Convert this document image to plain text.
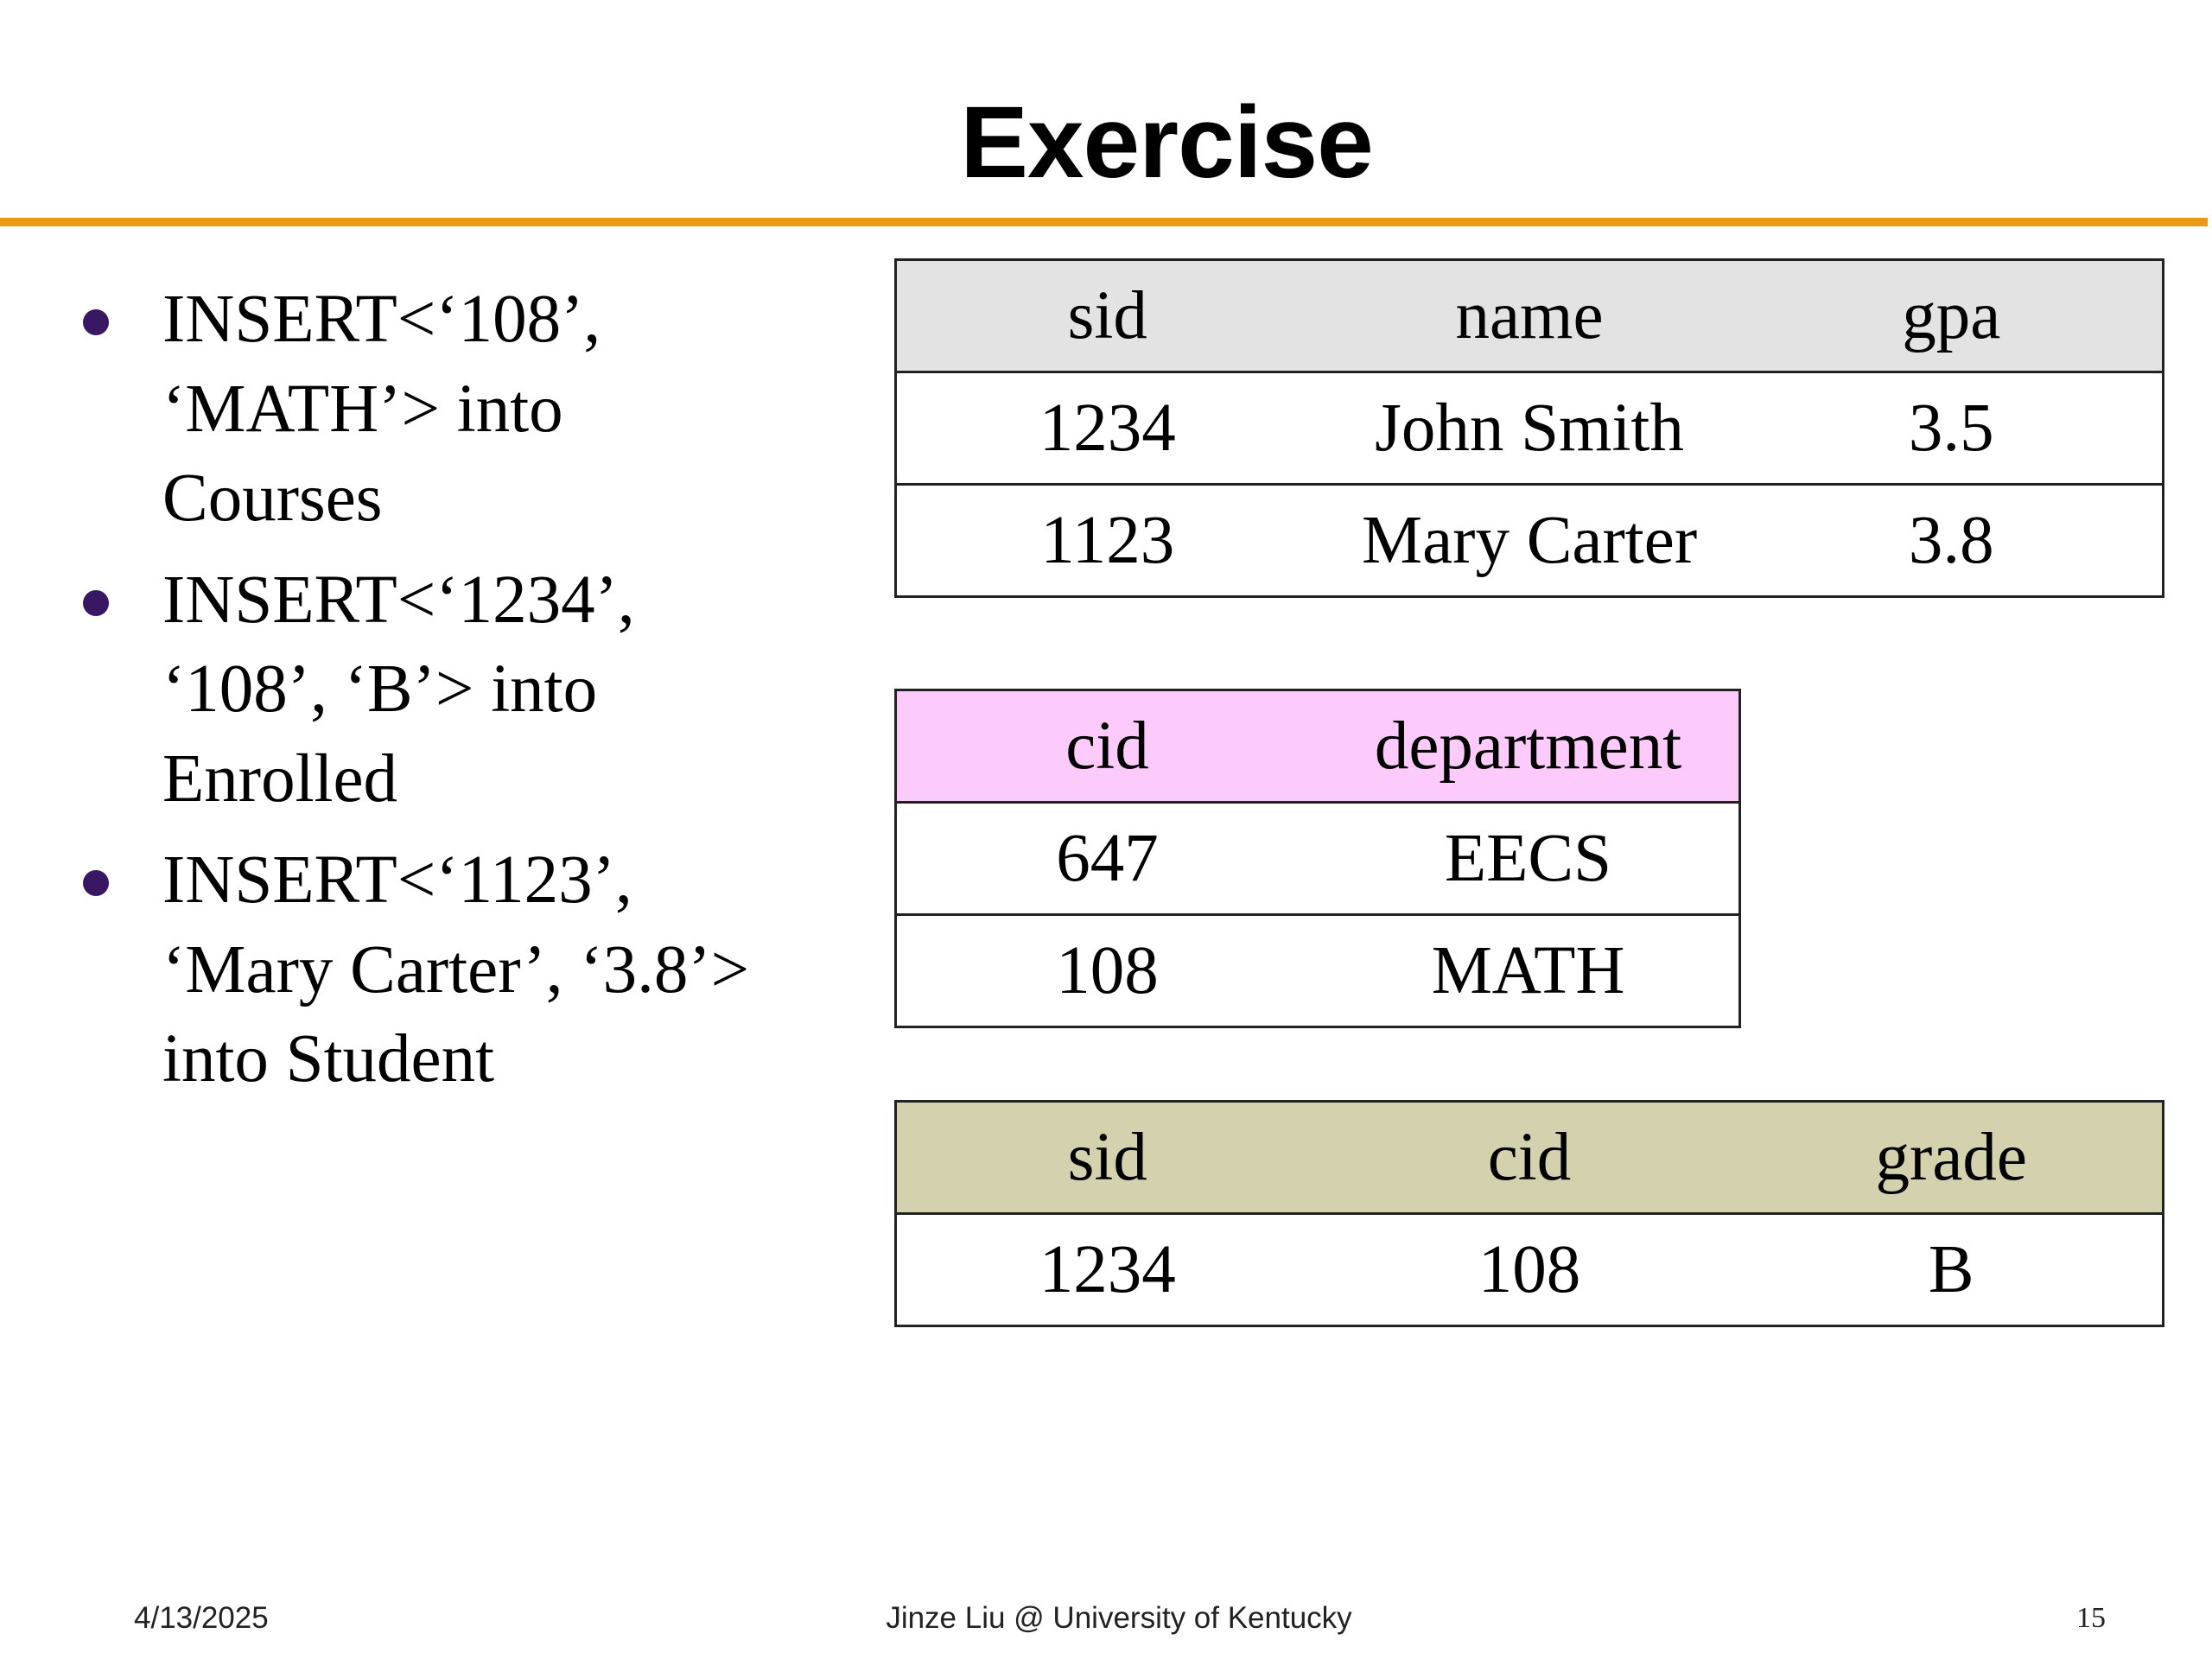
Exercise
INSERT<‘108’,
‘MATH’> into
Courses
INSERT<‘1234’,
‘108’, ‘B’> into
Enrolled
INSERT<‘1123’,
‘Mary Carter’, ‘3.8’>
into Student
sid	name	gpa
1234	John Smith	3.5
1123	Mary Carter	3.8
cid	department
647	EECS
108	MATH
sid	cid	grade
1234	108	B
4/13/2025	Jinze Liu @ University of Kentucky	15
